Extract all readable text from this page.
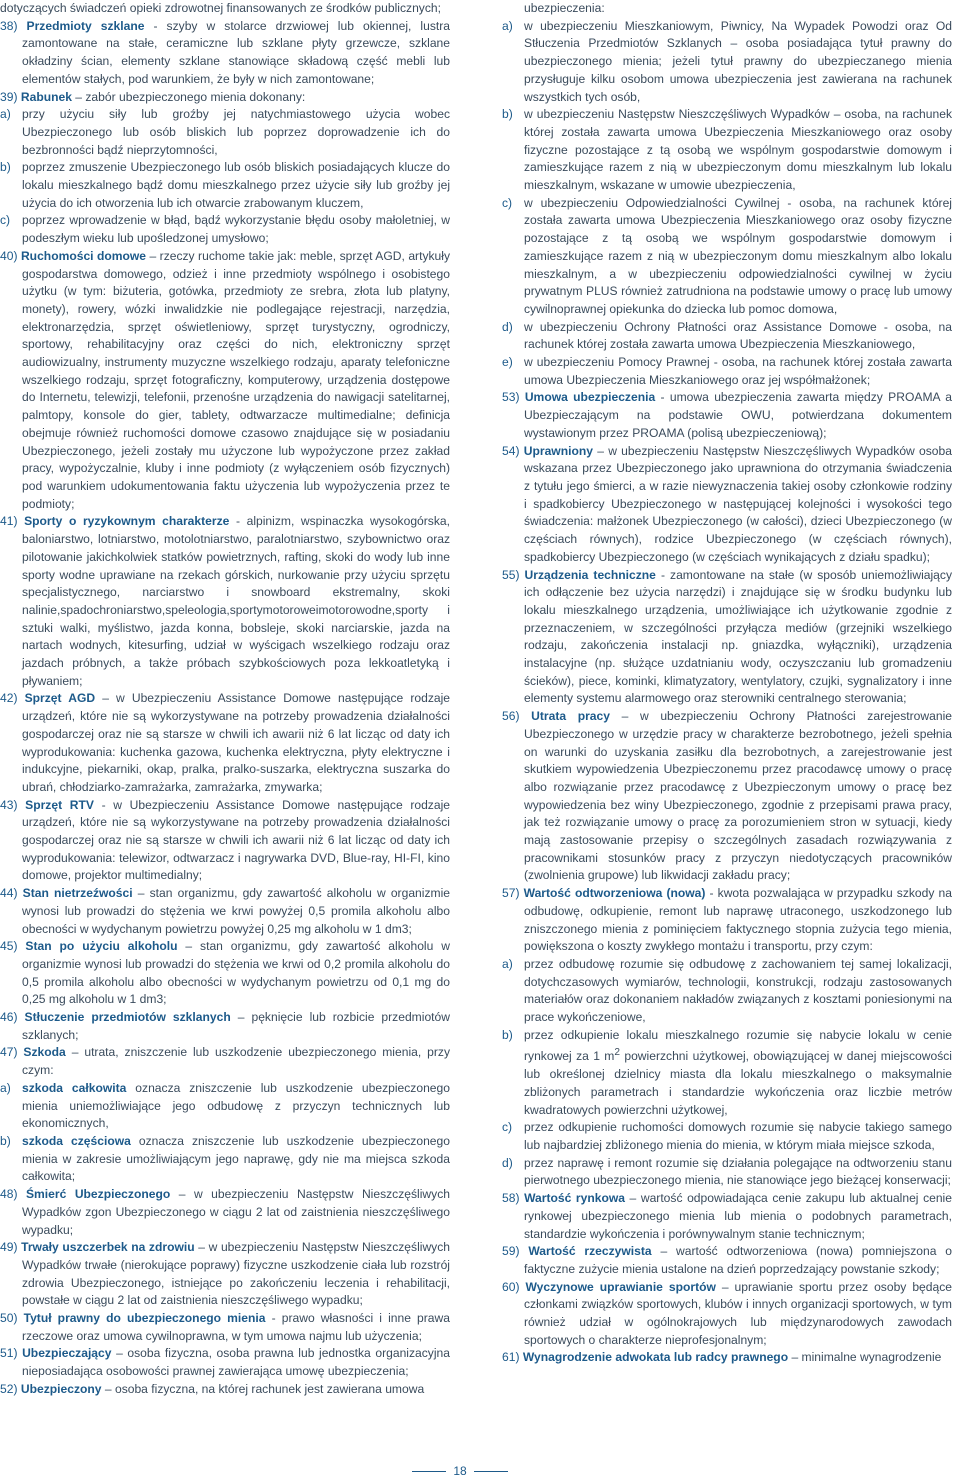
dotyczących świadczeń opieki zdrowotnej finansowanych ze środków publicznych;
38) Przedmioty szklane - szyby w stolarce drzwiowej lub okiennej, lustra zamontowane na stałe, ceramiczne lub szklane płyty grzewcze, szklane okładziny ścian, elementy szklane stanowiące składową część mebli lub elementów stałych, pod warunkiem, że były w nich zamontowane;
39) Rabunek – zabór ubezpieczonego mienia dokonany:
a) przy użyciu siły lub groźby jej natychmiastowego użycia wobec Ubezpieczonego lub osób bliskich lub poprzez doprowadzenie ich do bezbronności bądź nieprzytomności,
b) poprzez zmuszenie Ubezpieczonego lub osób bliskich posiadających klucze do lokalu mieszkalnego bądź domu mieszkalnego przez użycie siły lub groźby jej użycia do ich otworzenia lub ich otwarcie zrabowanym kluczem,
c) poprzez wprowadzenie w błąd, bądź wykorzystanie błędu osoby małoletniej, w podeszłym wieku lub upośledzonej umysłowo;
40) Ruchomości domowe – rzeczy ruchome takie jak: meble, sprzęt AGD, artykuły gospodarstwa domowego, odzież i inne przedmioty wspólnego i osobistego użytku (w tym: biżuteria, gotówka, przedmioty ze srebra, złota lub platyny, monety), rowery, wózki inwalidzkie nie podlegające rejestracji, narzędzia, elektronarzędzia, sprzęt oświetleniowy, sprzęt turystyczny, ogrodniczy, sportowy, rehabilitacyjny oraz części do nich, elektroniczny sprzęt audiowizualny, instrumenty muzyczne wszelkiego rodzaju, aparaty telefoniczne wszelkiego rodzaju, sprzęt fotograficzny, komputerowy, urządzenia dostępowe do Internetu, telewizji, telefonii, przenośne urządzenia do nawigacji satelitarnej, palmtopy, konsole do gier, tablety, odtwarzacze multimedialne; definicja obejmuje również ruchomości domowe czasowo znajdujące się w posiadaniu Ubezpieczonego, jeżeli zostały mu użyczone lub wypożyczone przez zakład pracy, wypożyczalnie, kluby i inne podmioty (z wyłączeniem osób fizycznych) pod warunkiem udokumentowania faktu użyczenia lub wypożyczenia przez te podmioty;
41) Sporty o ryzykownym charakterze - alpinizm, wspinaczka wysokogórska, baloniarstwo, lotniarstwo, motolotniarstwo, paralotniarstwo, szybownictwo oraz pilotowanie jakichkolwiek statków powietrznych, rafting, skoki do wody lub inne sporty wodne uprawiane na rzekach górskich, nurkowanie przy użyciu sprzętu specjalistycznego, narciarstwo i snowboard ekstremalny, skoki nalinie,spadochroniarstwo,speleologia,sportymotoroweimotorowodne,sporty i sztuki walki, myślistwo, jazda konna, bobsleje, skoki narciarskie, jazda na nartach wodnych, kitesurfing, udział w wyścigach wszelkiego rodzaju oraz jazdach próbnych, a także próbach szybkościowych poza lekkoatletyką i pływaniem;
42) Sprzęt AGD – w Ubezpieczeniu Assistance Domowe następujące rodzaje urządzeń, które nie są wykorzystywane na potrzeby prowadzenia działalności gospodarczej oraz nie są starsze w chwili ich awarii niż 6 lat licząc od daty ich wyprodukowania: kuchenka gazowa, kuchenka elektryczna, płyty elektryczne i indukcyjne, piekarniki, okap, pralka, pralko-suszarka, elektryczna suszarka do ubrań, chłodziarko-zamrażarka, zamrażarka, zmywarka;
43) Sprzęt RTV - w Ubezpieczeniu Assistance Domowe następujące rodzaje urządzeń, które nie są wykorzystywane na potrzeby prowadzenia działalności gospodarczej oraz nie są starsze w chwili ich awarii niż 6 lat licząc od daty ich wyprodukowania: telewizor, odtwarzacz i nagrywarka DVD, Blue-ray, HI-FI, kino domowe, projektor multimedialny;
44) Stan nietrzeźwości – stan organizmu, gdy zawartość alkoholu w organizmie wynosi lub prowadzi do stężenia we krwi powyżej 0,5 promila alkoholu albo obecności w wydychanym powietrzu powyżej 0,25 mg alkoholu w 1 dm3;
45) Stan po użyciu alkoholu – stan organizmu, gdy zawartość alkoholu w organizmie wynosi lub prowadzi do stężenia we krwi od 0,2 promila alkoholu do 0,5 promila alkoholu albo obecności w wydychanym powietrzu od 0,1 mg do 0,25 mg alkoholu w 1 dm3;
46) Stłuczenie przedmiotów szklanych – pęknięcie lub rozbicie przedmiotów szklanych;
47) Szkoda – utrata, zniszczenie lub uszkodzenie ubezpieczonego mienia, przy czym:
a) szkoda całkowita oznacza zniszczenie lub uszkodzenie ubezpieczonego mienia uniemożliwiające jego odbudowę z przyczyn technicznych lub ekonomicznych,
b) szkoda częściowa oznacza zniszczenie lub uszkodzenie ubezpieczonego mienia w zakresie umożliwiającym jego naprawę, gdy nie ma miejsca szkoda całkowita;
48) Śmierć Ubezpieczonego – w ubezpieczeniu Następstw Nieszczęśliwych Wypadków zgon Ubezpieczonego w ciągu 2 lat od zaistnienia nieszczęśliwego wypadku;
49) Trwały uszczerbek na zdrowiu – w ubezpieczeniu Następstw Nieszczęśliwych Wypadków trwałe (nierokujące poprawy) fizyczne uszkodzenie ciała lub rozstrój zdrowia Ubezpieczonego, istniejące po zakończeniu leczenia i rehabilitacji, powstałe w ciągu 2 lat od zaistnienia nieszczęśliwego wypadku;
50) Tytuł prawny do ubezpieczonego mienia - prawo własności i inne prawa rzeczowe oraz umowa cywilnoprawna, w tym umowa najmu lub użyczenia;
51) Ubezpieczający – osoba fizyczna, osoba prawna lub jednostka organizacyjna nieposiadająca osobowości prawnej zawierająca umowę ubezpieczenia;
52) Ubezpieczony – osoba fizyczna, na której rachunek jest zawierana umowa
ubezpieczenia:
a) w ubezpieczeniu Mieszkaniowym, Piwnicy, Na Wypadek Powodzi oraz Od Stłuczenia Przedmiotów Szklanych – osoba posiadająca tytuł prawny do ubezpieczonego mienia; jeżeli tytuł prawny do ubezpieczanego mienia przysługuje kilku osobom umowa ubezpieczenia jest zawierana na rachunek wszystkich tych osób,
b) w ubezpieczeniu Następstw Nieszczęśliwych Wypadków – osoba, na rachunek której została zawarta umowa Ubezpieczenia Mieszkaniowego oraz osoby fizyczne pozostające z tą osobą we wspólnym gospodarstwie domowym i zamieszkujące razem z nią w ubezpieczonym domu mieszkalnym lub lokalu mieszkalnym, wskazane w umowie ubezpieczenia,
c) w ubezpieczeniu Odpowiedzialności Cywilnej - osoba, na rachunek której została zawarta umowa Ubezpieczenia Mieszkaniowego oraz osoby fizyczne pozostające z tą osobą we wspólnym gospodarstwie domowym i zamieszkujące razem z nią w ubezpieczonym domu mieszkalnym albo lokalu mieszkalnym, a w ubezpieczeniu odpowiedzialności cywilnej w życiu prywatnym PLUS również zatrudniona na podstawie umowy o pracę lub umowy cywilnoprawnej opiekunka do dziecka lub pomoc domowa,
d) w ubezpieczeniu Ochrony Płatności oraz Assistance Domowe - osoba, na rachunek której została zawarta umowa Ubezpieczenia Mieszkaniowego,
e) w ubezpieczeniu Pomocy Prawnej - osoba, na rachunek której została zawarta umowa Ubezpieczenia Mieszkaniowego oraz jej współmałżonek;
53) Umowa ubezpieczenia - umowa ubezpieczenia zawarta między PROAMA a Ubezpieczającym na podstawie OWU, potwierdzana dokumentem wystawionym przez PROAMA (polisą ubezpieczeniową);
54) Uprawniony – w ubezpieczeniu Następstw Nieszczęśliwych Wypadków osoba wskazana przez Ubezpieczonego jako uprawniona do otrzymania świadczenia z tytułu jego śmierci, a w razie niewyznaczenia takiej osoby członkowie rodziny i spadkobiercy Ubezpieczonego w następującej kolejności i wysokości tego świadczenia: małżonek Ubezpieczonego (w całości), dzieci Ubezpieczonego (w częściach równych), rodzice Ubezpieczonego (w częściach równych), spadkobiercy Ubezpieczonego (w częściach wynikających z działu spadku);
55) Urządzenia techniczne - zamontowane na stałe (w sposób uniemożliwiający ich odłączenie bez użycia narzędzi) i znajdujące się w środku budynku lub lokalu mieszkalnego urządzenia, umożliwiające ich użytkowanie zgodnie z przeznaczeniem, w szczególności przyłącza mediów (grzejniki wszelkiego rodzaju, zakończenia instalacji np. gniazdka, wyłączniki), urządzenia instalacyjne (np. służące uzdatnianiu wody, oczyszczaniu lub gromadzeniu ścieków), piece, kominki, klimatyzatory, wentylatory, czujki, sygnalizatory i inne elementy systemu alarmowego oraz sterowniki centralnego sterowania;
56) Utrata pracy – w ubezpieczeniu Ochrony Płatności zarejestrowanie Ubezpieczonego w urzędzie pracy w charakterze bezrobotnego, jeżeli spełnia on warunki do uzyskania zasiłku dla bezrobotnych, a zarejestrowanie jest skutkiem wypowiedzenia Ubezpieczonemu przez pracodawcę umowy o pracę albo rozwiązanie przez pracodawcę z Ubezpieczonym umowy o pracę bez wypowiedzenia bez winy Ubezpieczonego, zgodnie z przepisami prawa pracy, jak też rozwiązanie umowy o pracę za porozumieniem stron w sytuacji, kiedy mają zastosowanie przepisy o szczególnych zasadach rozwiązywania z pracownikami stosunków pracy z przyczyn niedotyczących pracowników (zwolnienia grupowe) lub likwidacji zakładu pracy;
57) Wartość odtworzeniowa (nowa) - kwota pozwalająca w przypadku szkody na odbudowę, odkupienie, remont lub naprawę utraconego, uszkodzonego lub zniszczonego mienia z pominięciem faktycznego stopnia zużycia tego mienia, powiększona o koszty zwykłego montażu i transportu, przy czym:
a) przez odbudowę rozumie się odbudowę z zachowaniem tej samej lokalizacji, dotychczasowych wymiarów, technologii, konstrukcji, rodzaju zastosowanych materiałów oraz dokonaniem nakładów związanych z kosztami poniesionymi na prace wykończeniowe,
b) przez odkupienie lokalu mieszkalnego rozumie się nabycie lokalu w cenie rynkowej za 1 $m^2$ powierzchni użytkowej, obowiązującej w danej miejscowości lub określonej dzielnicy miasta dla lokalu mieszkalnego o maksymalnie zbliżonych parametrach i standardzie wykończenia oraz liczbie metrów kwadratowych powierzchni użytkowej,
c) przez odkupienie ruchomości domowych rozumie się nabycie takiego samego lub najbardziej zbliżonego mienia do mienia, w którym miała miejsce szkoda,
d) przez naprawę i remont rozumie się działania polegające na odtworzeniu stanu pierwotnego ubezpieczonego mienia, nie stanowiące jego bieżącej konserwacji;
58) Wartość rynkowa – wartość odpowiadająca cenie zakupu lub aktualnej cenie rynkowej ubezpieczonego mienia lub mienia o podobnych parametrach, standardzie wykończenia i porównywalnym stanie technicznym;
59) Wartość rzeczywista – wartość odtworzeniowa (nowa) pomniejszona o faktyczne zużycie mienia ustalone na dzień poprzedzający powstanie szkody;
60) Wyczynowe uprawianie sportów – uprawianie sportu przez osoby będące członkami związków sportowych, klubów i innych organizacji sportowych, w tym również udział w ogólnokrajowych lub międzynarodowych zawodach sportowych o charakterze nieprofesjonalnym;
61) Wynagrodzenie adwokata lub radcy prawnego – minimalne wynagrodzenie
18
